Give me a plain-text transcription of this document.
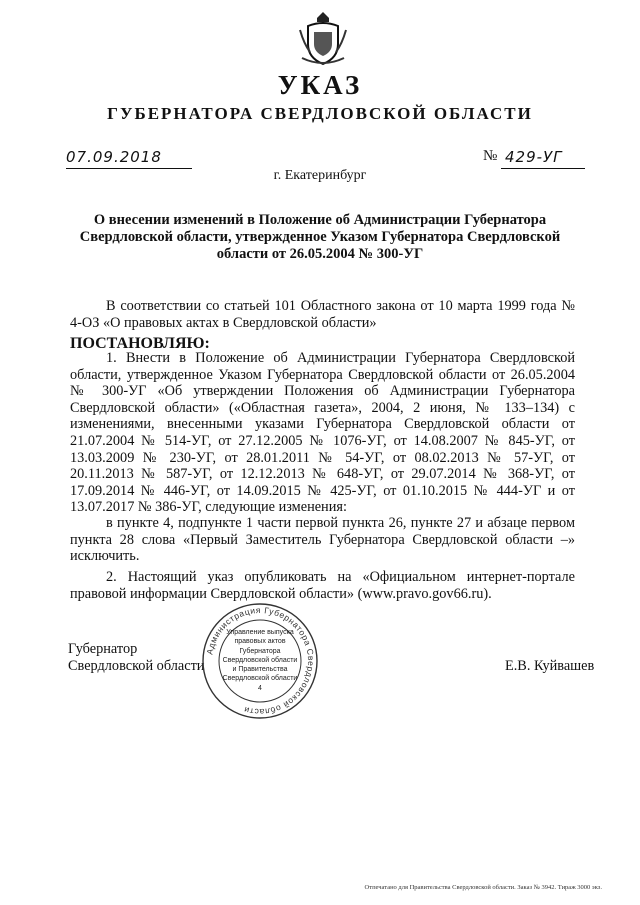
УКАЗ
ГУБЕРНАТОРА СВЕРДЛОВСКОЙ ОБЛАСТИ
07.09.2018	№ 429-УГ
г. Екатеринбург
О внесении изменений в Положение об Администрации Губернатора Свердловской области, утвержденное Указом Губернатора Свердловской области от 26.05.2004 № 300-УГ
В соответствии со статьей 101 Областного закона от 10 марта 1999 года № 4-ОЗ «О правовых актах в Свердловской области»
ПОСТАНОВЛЯЮ:
1. Внести в Положение об Администрации Губернатора Свердловской области, утвержденное Указом Губернатора Свердловской области от 26.05.2004 № 300-УГ «Об утверждении Положения об Администрации Губернатора Свердловской области» («Областная газета», 2004, 2 июня, № 133–134) с изменениями, внесенными указами Губернатора Свердловской области от 21.07.2004 № 514-УГ, от 27.12.2005 № 1076-УГ, от 14.08.2007 № 845-УГ, от 13.03.2009 № 230-УГ, от 28.01.2011 № 54-УГ, от 08.02.2013 № 57-УГ, от 20.11.2013 № 587-УГ, от 12.12.2013 № 648-УГ, от 29.07.2014 № 368-УГ, от 17.09.2014 № 446-УГ, от 14.09.2015 № 425-УГ, от 01.10.2015 № 444-УГ и от 13.07.2017 № 386-УГ, следующие изменения:
в пункте 4, подпункте 1 части первой пункта 26, пункте 27 и абзаце первом пункта 28 слова «Первый Заместитель Губернатора Свердловской области –» исключить.
2. Настоящий указ опубликовать на «Официальном интернет-портале правовой информации Свердловской области» (www.pravo.gov66.ru).
Губернатор
Свердловской области	Е.В. Куйвашев
Администрация Губернатора Свердловской области
Управление выпуска правовых актов Губернатора Свердловской области и Правительства Свердловской области
4
Отпечатано для Правительства Свердловской области. Заказ № 3942. Тираж 3000 экз.
